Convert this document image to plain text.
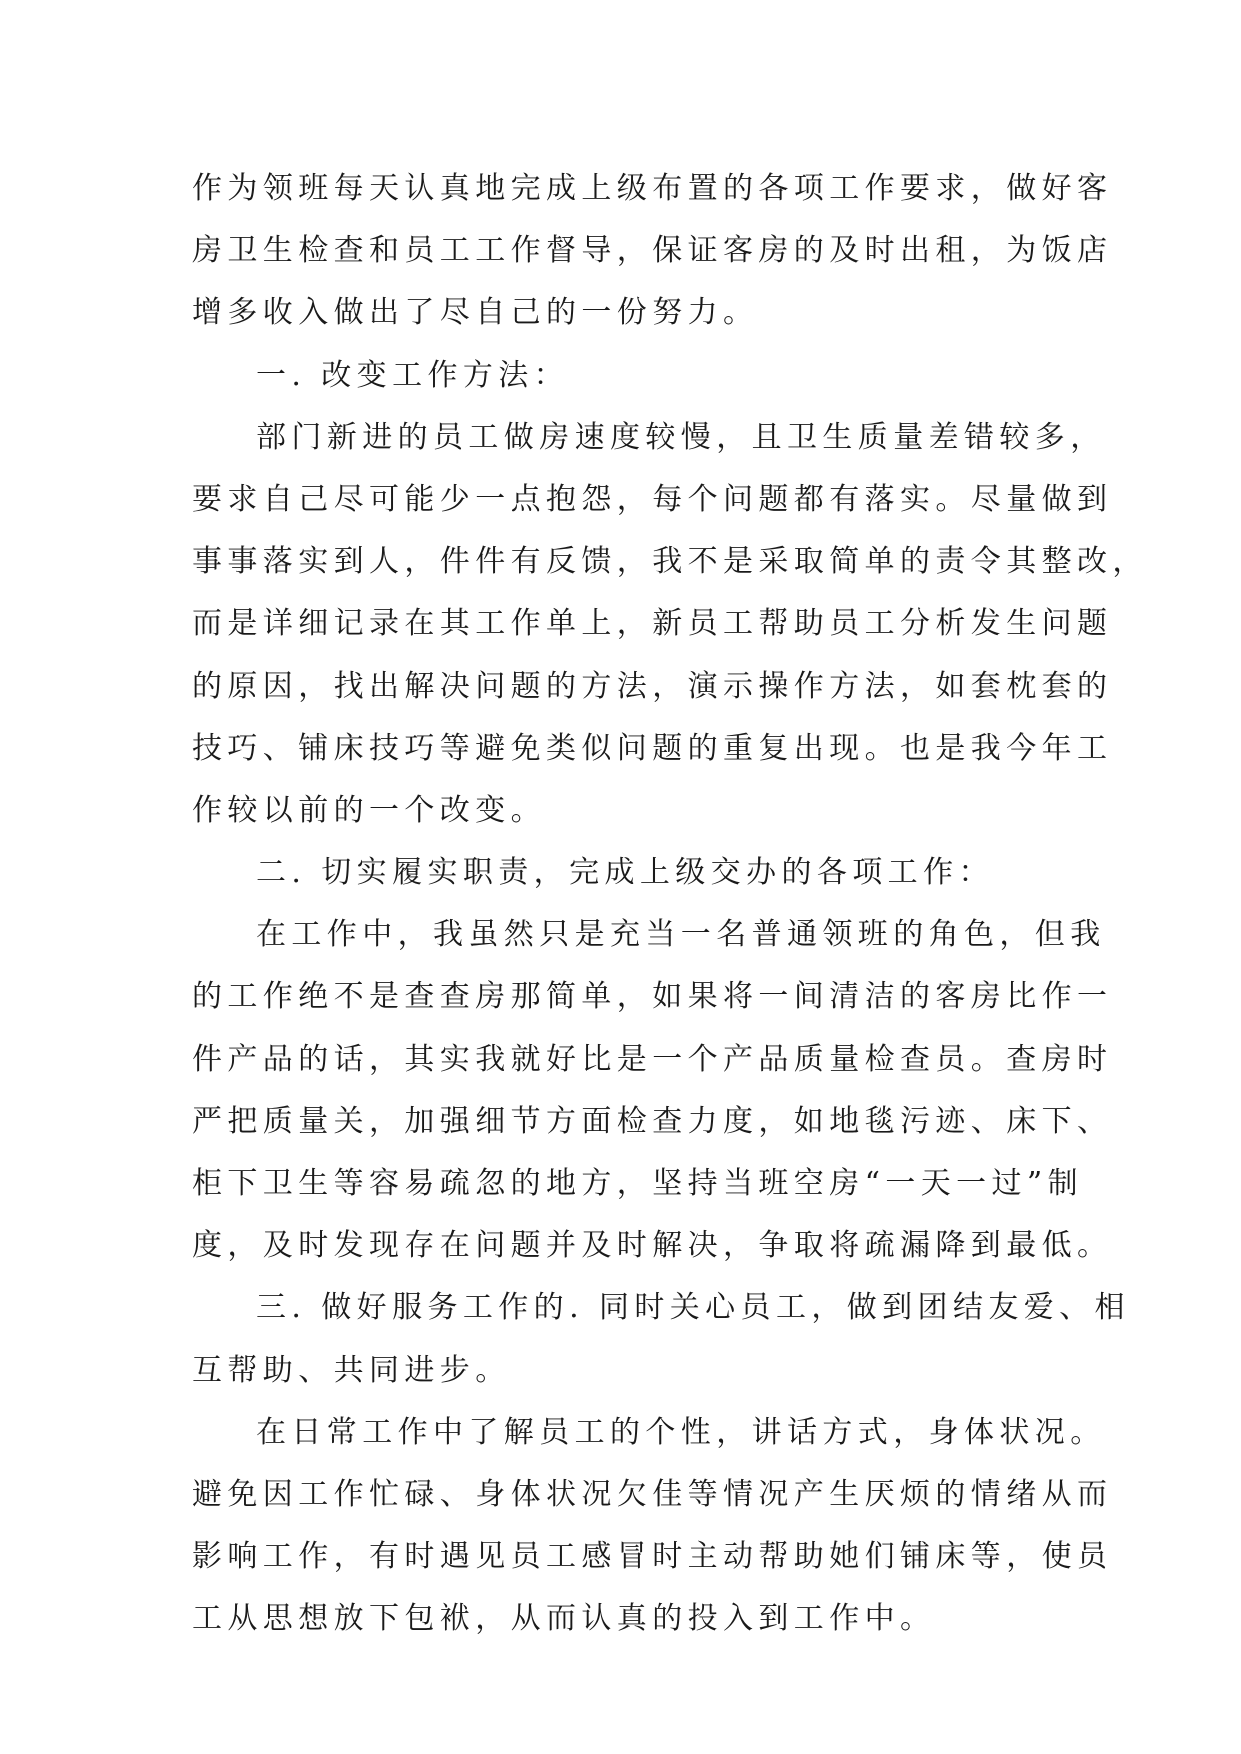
作为领班每天认真地完成上级布置的各项工作要求，做好客
房卫生检查和员工工作督导，保证客房的及时出租，为饭店
增多收入做出了尽自己的一份努力。
一. 改变工作方法：
部门新进的员工做房速度较慢，且卫生质量差错较多，
要求自己尽可能少一点抱怨，每个问题都有落实。尽量做到
事事落实到人，件件有反馈，我不是采取简单的责令其整改，
而是详细记录在其工作单上，新员工帮助员工分析发生问题
的原因，找出解决问题的方法，演示操作方法，如套枕套的
技巧、铺床技巧等避免类似问题的重复出现。也是我今年工
作较以前的一个改变。
二. 切实履实职责，完成上级交办的各项工作：
在工作中，我虽然只是充当一名普通领班的角色，但我
的工作绝不是查查房那简单，如果将一间清洁的客房比作一
件产品的话，其实我就好比是一个产品质量检查员。查房时
严把质量关，加强细节方面检查力度，如地毯污迹、床下、
柜下卫生等容易疏忽的地方，坚持当班空房“一天一过”制
度，及时发现存在问题并及时解决，争取将疏漏降到最低。
三. 做好服务工作的. 同时关心员工，做到团结友爱、相
互帮助、共同进步。
在日常工作中了解员工的个性，讲话方式，身体状况。
避免因工作忙碌、身体状况欠佳等情况产生厌烦的情绪从而
影响工作，有时遇见员工感冒时主动帮助她们铺床等，使员
工从思想放下包袱，从而认真的投入到工作中。
